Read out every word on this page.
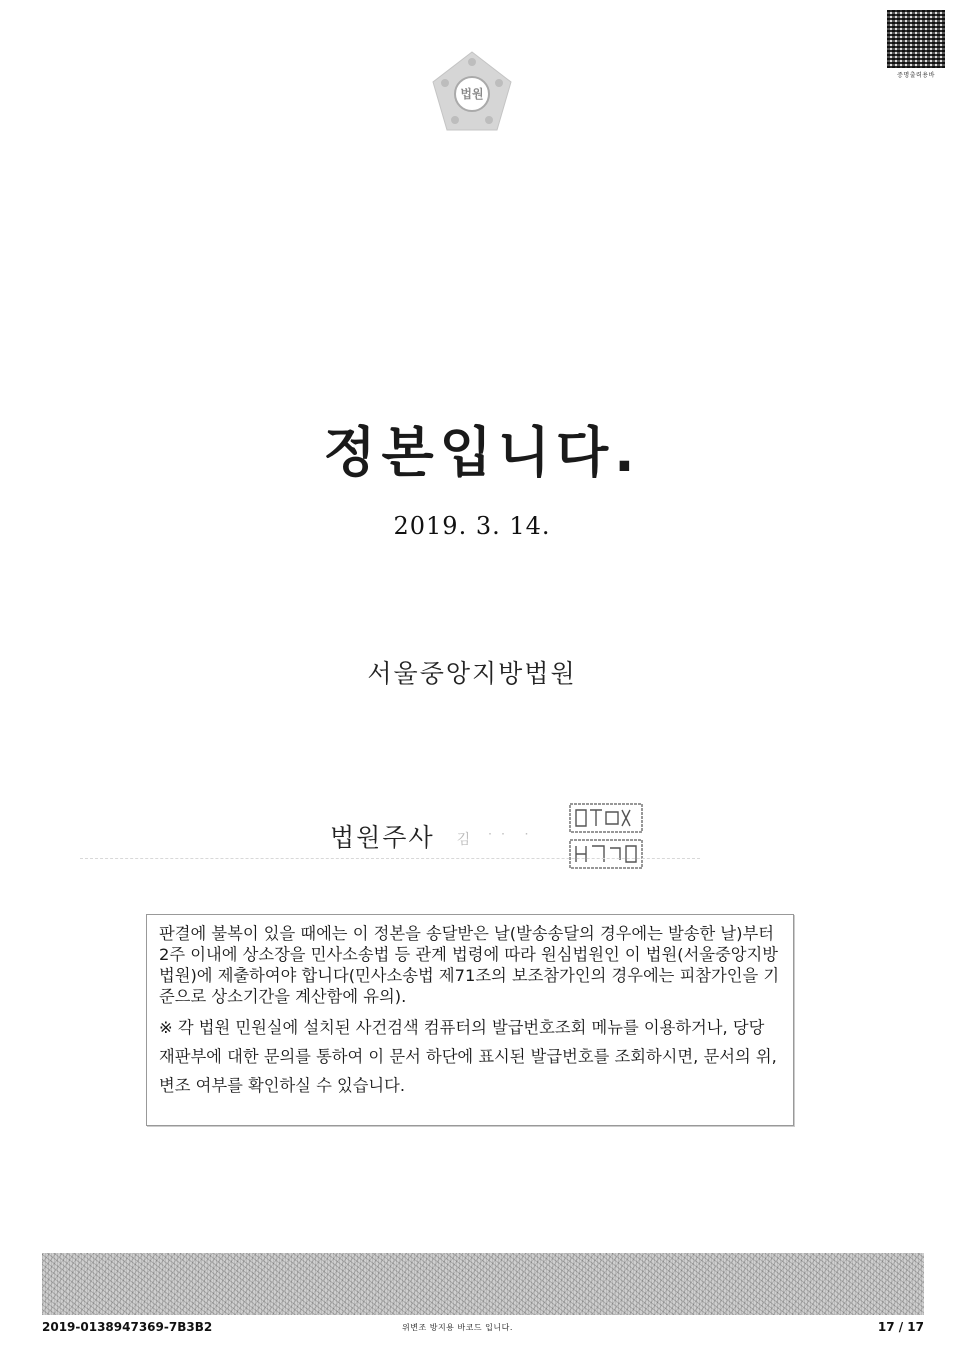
법원
증명출력용바
정본입니다.
2019. 3. 14.
서울중앙지방법원
법원주사 김 ˙˙ ˙

판결에 불복이 있을 때에는 이 정본을 송달받은 날(발송송달의 경우에는 발송한 날)부터 2주 이내에 상소장을 민사소송법 등 관계 법령에 따라 원심법원인 이 법원(서울중앙지방법원)에 제출하여야 합니다(민사소송법 제71조의 보조참가인의 경우에는 피참가인을 기준으로 상소기간을 계산함에 유의).

※ 각 법원 민원실에 설치된 사건검색 컴퓨터의 발급번호조회 메뉴를 이용하거나, 당당 재판부에 대한 문의를 통하여 이 문서 하단에 표시된 발급번호를 조회하시면, 문서의 위,변조 여부를 확인하실 수 있습니다.

2019-0138947369-7B3B2	위변조 방지용 바코드 입니다.	17 / 17
